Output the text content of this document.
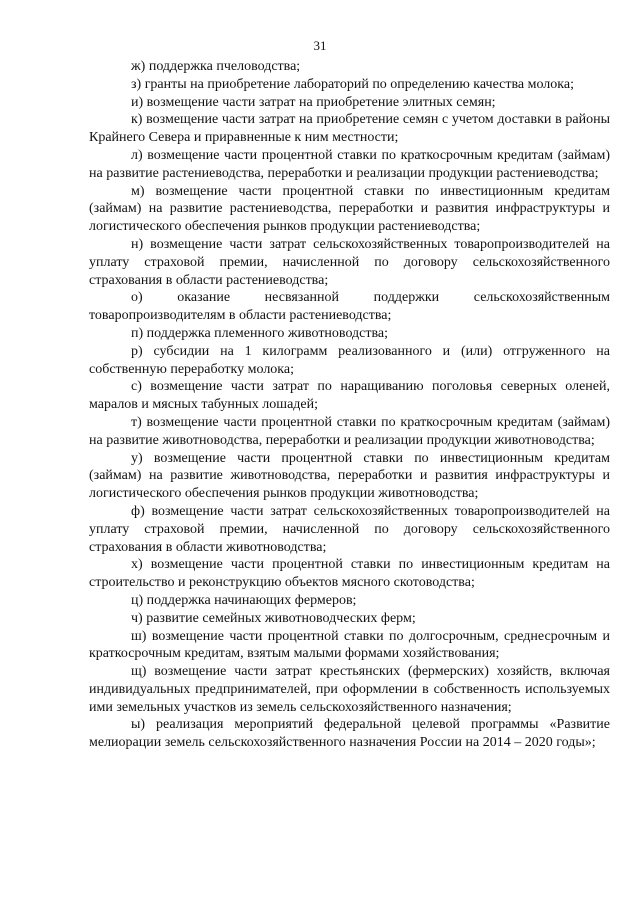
31

ж) поддержка пчеловодства;

з) гранты на приобретение лабораторий по определению качества молока;

и) возмещение части затрат на приобретение элитных семян;

к) возмещение части затрат на приобретение семян с учетом доставки в районы Крайнего Севера и приравненные к ним местности;

л) возмещение части процентной ставки по краткосрочным кредитам (займам) на развитие растениеводства, переработки и реализации продукции растениеводства;

м) возмещение части процентной ставки по инвестиционным кредитам (займам) на развитие растениеводства, переработки и развития инфраструктуры и логистического обеспечения рынков продукции растениеводства;

н) возмещение части затрат сельскохозяйственных товаропроизводителей на уплату страховой премии, начисленной по договору сельскохозяйственного страхования в области растениеводства;

о) оказание несвязанной поддержки сельскохозяйственным товаропроизводителям в области растениеводства;

п) поддержка племенного животноводства;

р) субсидии на 1 килограмм реализованного и (или) отгруженного на собственную переработку молока;

с) возмещение части затрат по наращиванию поголовья северных оленей, маралов и мясных табунных лошадей;

т) возмещение части процентной ставки по краткосрочным кредитам (займам) на развитие животноводства, переработки и реализации продукции животноводства;

у) возмещение части процентной ставки по инвестиционным кредитам (займам) на развитие животноводства, переработки и развития инфраструктуры и логистического обеспечения рынков продукции животноводства;

ф) возмещение части затрат сельскохозяйственных товаропроизводителей на уплату страховой премии, начисленной по договору сельскохозяйственного страхования в области животноводства;

х) возмещение части процентной ставки по инвестиционным кредитам на строительство и реконструкцию объектов мясного скотоводства;

ц) поддержка начинающих фермеров;

ч) развитие семейных животноводческих ферм;

ш) возмещение части процентной ставки по долгосрочным, среднесрочным и краткосрочным кредитам, взятым малыми формами хозяйствования;

щ) возмещение части затрат крестьянских (фермерских) хозяйств, включая индивидуальных предпринимателей, при оформлении в собственность используемых ими земельных участков из земель сельскохозяйственного назначения;

ы) реализация мероприятий федеральной целевой программы «Развитие мелиорации земель сельскохозяйственного назначения России на 2014 – 2020 годы»;
